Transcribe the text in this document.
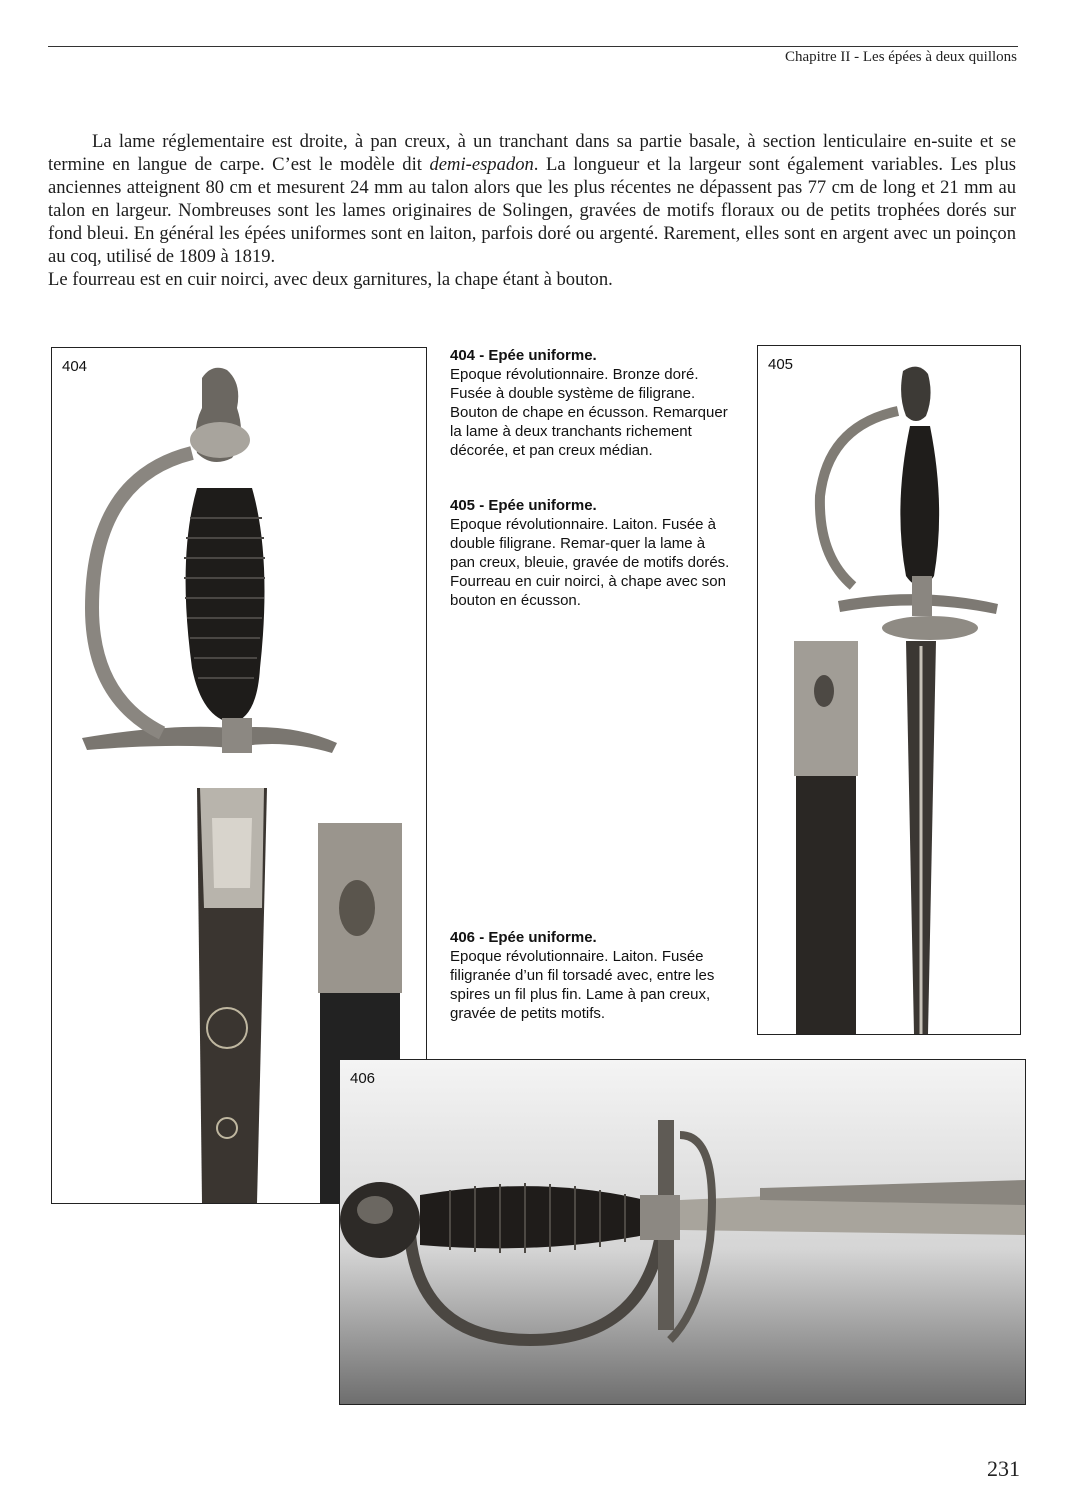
Chapitre II - Les épées à deux quillons

La lame réglementaire est droite, à pan creux, à un tranchant dans sa partie basale, à section lenticulaire en-suite et se termine en langue de carpe. C’est le modèle dit demi-espadon. La longueur et la largeur sont également variables. Les plus anciennes atteignent 80 cm et mesurent 24 mm au talon alors que les plus récentes ne dépassent pas 77 cm de long et 21 mm au talon en largeur. Nombreuses sont les lames originaires de Solingen, gravées de motifs floraux ou de petits trophées dorés sur fond bleui. En général les épées uniformes sont en laiton, parfois doré ou argenté. Rarement, elles sont en argent avec un poinçon au coq, utilisé de 1809 à 1819.

Le fourreau est en cuir noirci, avec deux garnitures, la chape étant à bouton.

404	405
406
404 - Epée uniforme.
Epoque révolutionnaire. Bronze doré. Fusée à double système de filigrane. Bouton de chape en écusson. Remarquer la lame à deux tranchants richement décorée, et pan creux médian.
405 - Epée uniforme.
Epoque révolutionnaire. Laiton. Fusée à double filigrane. Remar-quer la lame à pan creux, bleuie, gravée de motifs dorés. Fourreau en cuir noirci, à chape avec son bouton en écusson.
406 - Epée uniforme.
Epoque révolutionnaire. Laiton. Fusée filigranée d’un fil torsadé avec, entre les spires un fil plus fin. Lame à pan creux, gravée de petits motifs.
231
